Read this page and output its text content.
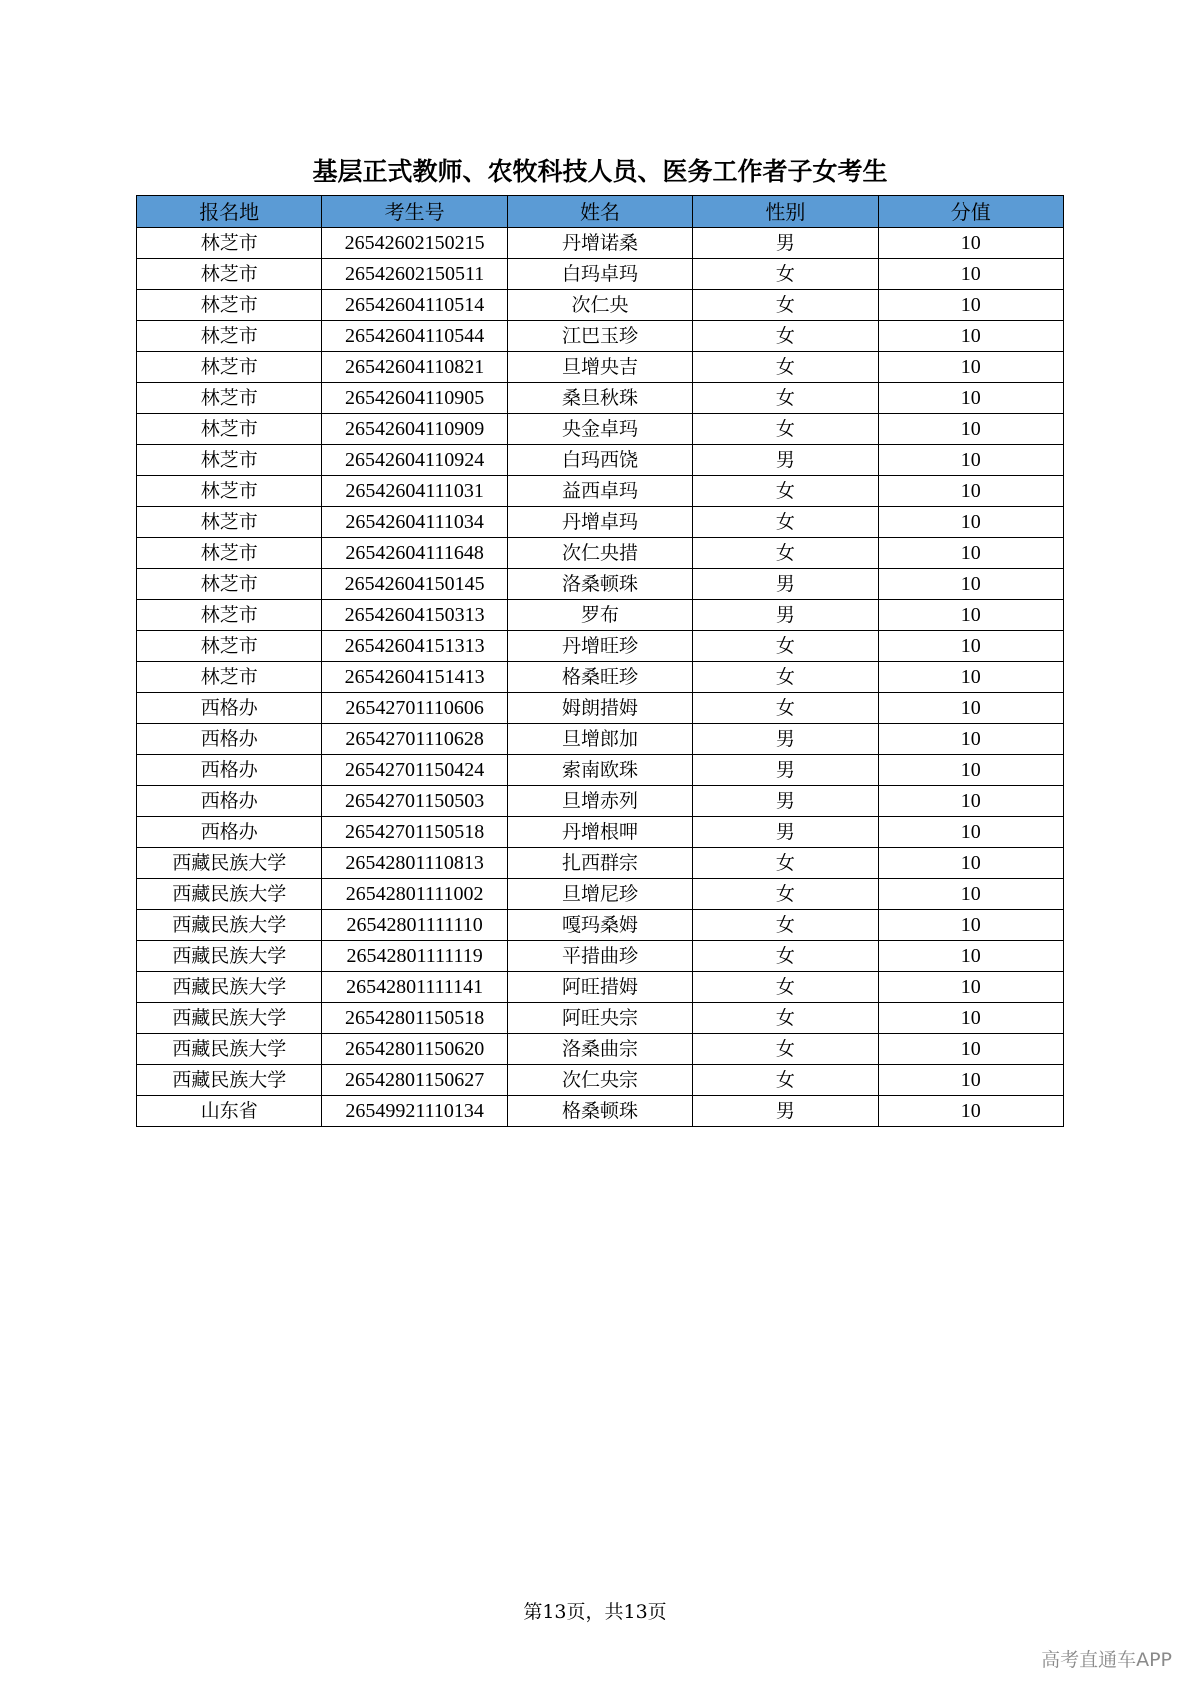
基层正式教师、农牧科技人员、医务工作者子女考生
报名地	考生号	姓名	性别	分值
林芝市	26542602150215	丹增诺桑	男	10
林芝市	26542602150511	白玛卓玛	女	10
林芝市	26542604110514	次仁央	女	10
林芝市	26542604110544	江巴玉珍	女	10
林芝市	26542604110821	旦增央吉	女	10
林芝市	26542604110905	桑旦秋珠	女	10
林芝市	26542604110909	央金卓玛	女	10
林芝市	26542604110924	白玛西饶	男	10
林芝市	26542604111031	益西卓玛	女	10
林芝市	26542604111034	丹增卓玛	女	10
林芝市	26542604111648	次仁央措	女	10
林芝市	26542604150145	洛桑顿珠	男	10
林芝市	26542604150313	罗布	男	10
林芝市	26542604151313	丹增旺珍	女	10
林芝市	26542604151413	格桑旺珍	女	10
西格办	26542701110606	姆朗措姆	女	10
西格办	26542701110628	旦增郎加	男	10
西格办	26542701150424	索南欧珠	男	10
西格办	26542701150503	旦增赤列	男	10
西格办	26542701150518	丹增根呷	男	10
西藏民族大学	26542801110813	扎西群宗	女	10
西藏民族大学	26542801111002	旦增尼珍	女	10
西藏民族大学	26542801111110	嘎玛桑姆	女	10
西藏民族大学	26542801111119	平措曲珍	女	10
西藏民族大学	26542801111141	阿旺措姆	女	10
西藏民族大学	26542801150518	阿旺央宗	女	10
西藏民族大学	26542801150620	洛桑曲宗	女	10
西藏民族大学	26542801150627	次仁央宗	女	10
山东省	26549921110134	格桑顿珠	男	10
第13页，共13页
高考直通车APP
